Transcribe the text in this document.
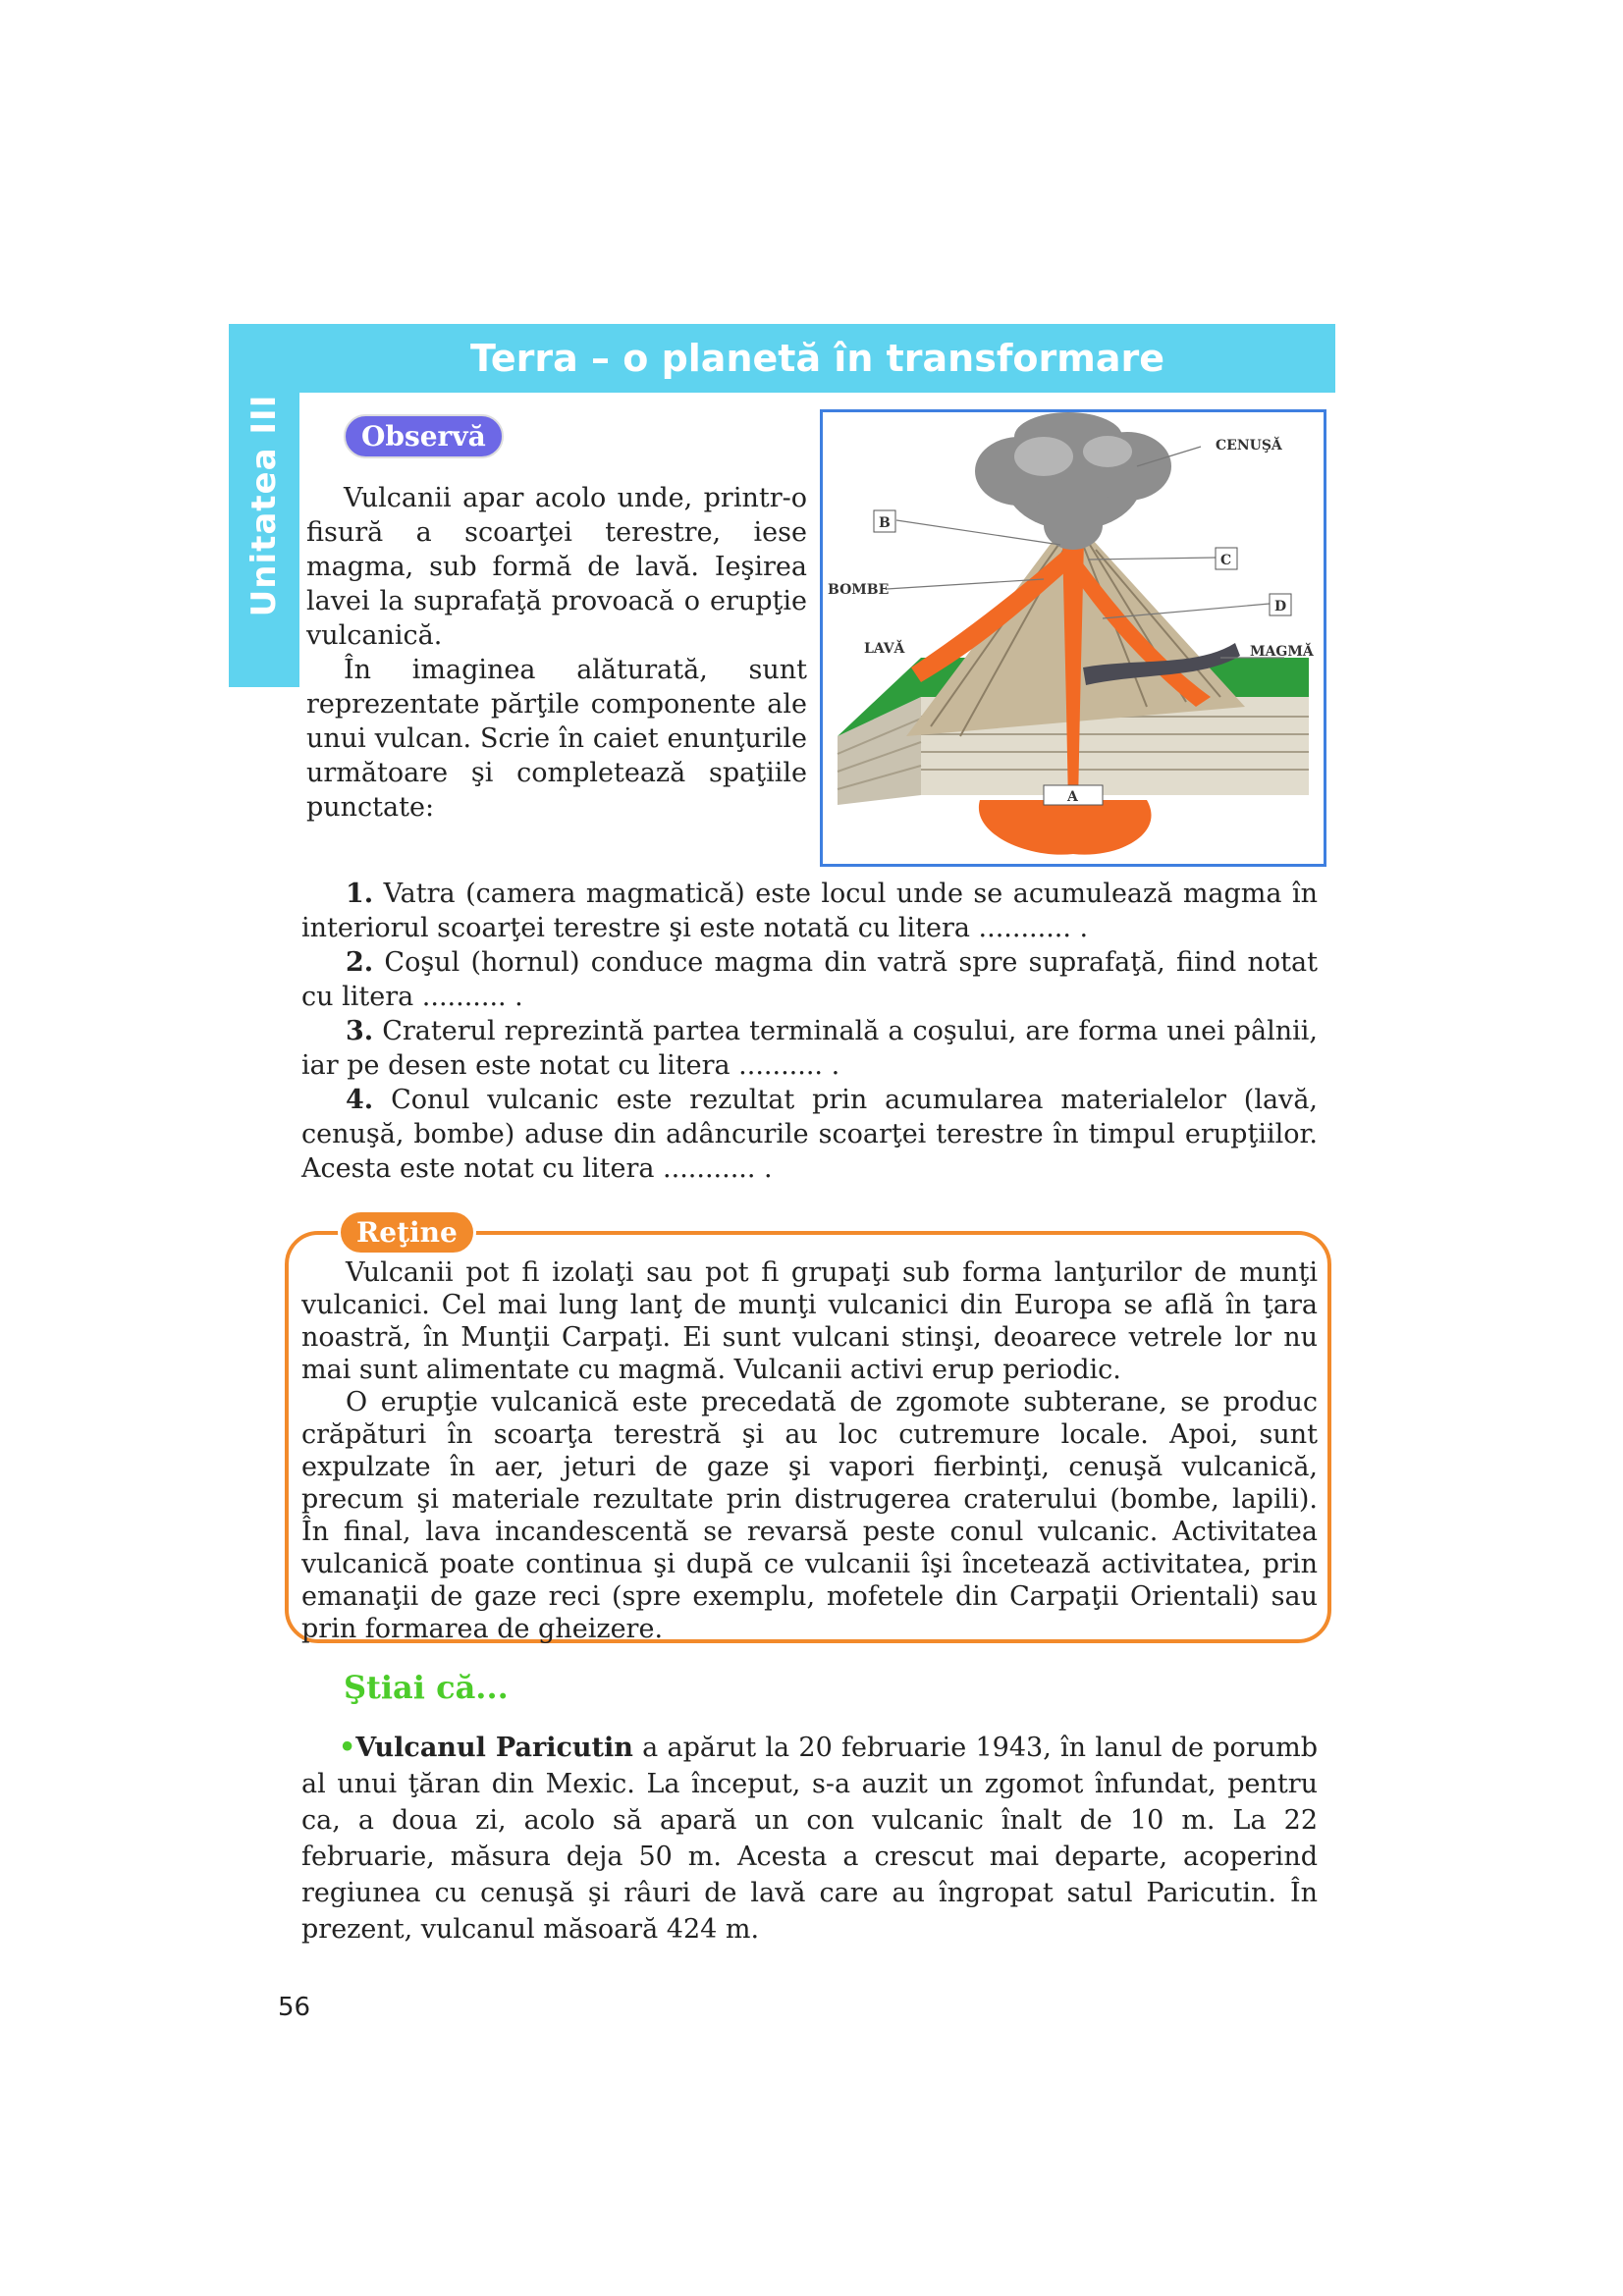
Unitatea III
Terra – o planetă în transformare
Observă

Vulcanii apar acolo unde, printr-o fisură a scoarţei terestre, iese magma, sub formă de lavă. Ieşirea lavei la suprafaţă provoacă o erupţie vulcanică.

În imaginea alăturată, sunt reprezentate părţile componente ale unui vulcan. Scrie în caiet enunţurile următoare şi completează spaţiile punctate:

CENUŞĂ
B
BOMBE
C
D
LAVĂ	MAGMĂ
A

1. Vatra (camera magmatică) este locul unde se acumulează magma în interiorul scoarţei terestre şi este notată cu litera ........... .

2. Coşul (hornul) conduce magma din vatră spre suprafaţă, fiind notat cu litera .......... .

3. Craterul reprezintă partea terminală a coşului, are forma unei pâlnii, iar pe desen este notat cu litera .......... .

4. Conul vulcanic este rezultat prin acumularea materialelor (lavă, cenuşă, bombe) aduse din adâncurile scoarţei terestre în timpul erupţiilor. Acesta este notat cu litera ........... .

Reţine

Vulcanii pot fi izolaţi sau pot fi grupaţi sub forma lanţurilor de munţi vulcanici. Cel mai lung lanţ de munţi vulcanici din Europa se află în ţara noastră, în Munţii Carpaţi. Ei sunt vulcani stinşi, deoarece vetrele lor nu mai sunt alimentate cu magmă. Vulcanii activi erup periodic.

O erupţie vulcanică este precedată de zgomote subterane, se produc crăpături în scoarţa terestră şi au loc cutremure locale. Apoi, sunt expulzate în aer, jeturi de gaze şi vapori fierbinţi, cenuşă vulcanică, precum şi materiale rezultate prin distrugerea craterului (bombe, lapili). În final, lava incandescentă se revarsă peste conul vulcanic. Activitatea vulcanică poate continua şi după ce vulcanii îşi încetează activitatea, prin emanaţii de gaze reci (spre exemplu, mofetele din Carpaţii Orientali) sau prin formarea de gheizere.

Ştiai că...

•Vulcanul Paricutin a apărut la 20 februarie 1943, în lanul de porumb al unui ţăran din Mexic. La început, s-a auzit un zgomot înfundat, pentru ca, a doua zi, acolo să apară un con vulcanic înalt de 10 m. La 22 februarie, măsura deja 50 m. Acesta a crescut mai departe, acoperind regiunea cu cenuşă şi râuri de lavă care au îngropat satul Paricutin. În prezent, vulcanul măsoară 424 m.

56
